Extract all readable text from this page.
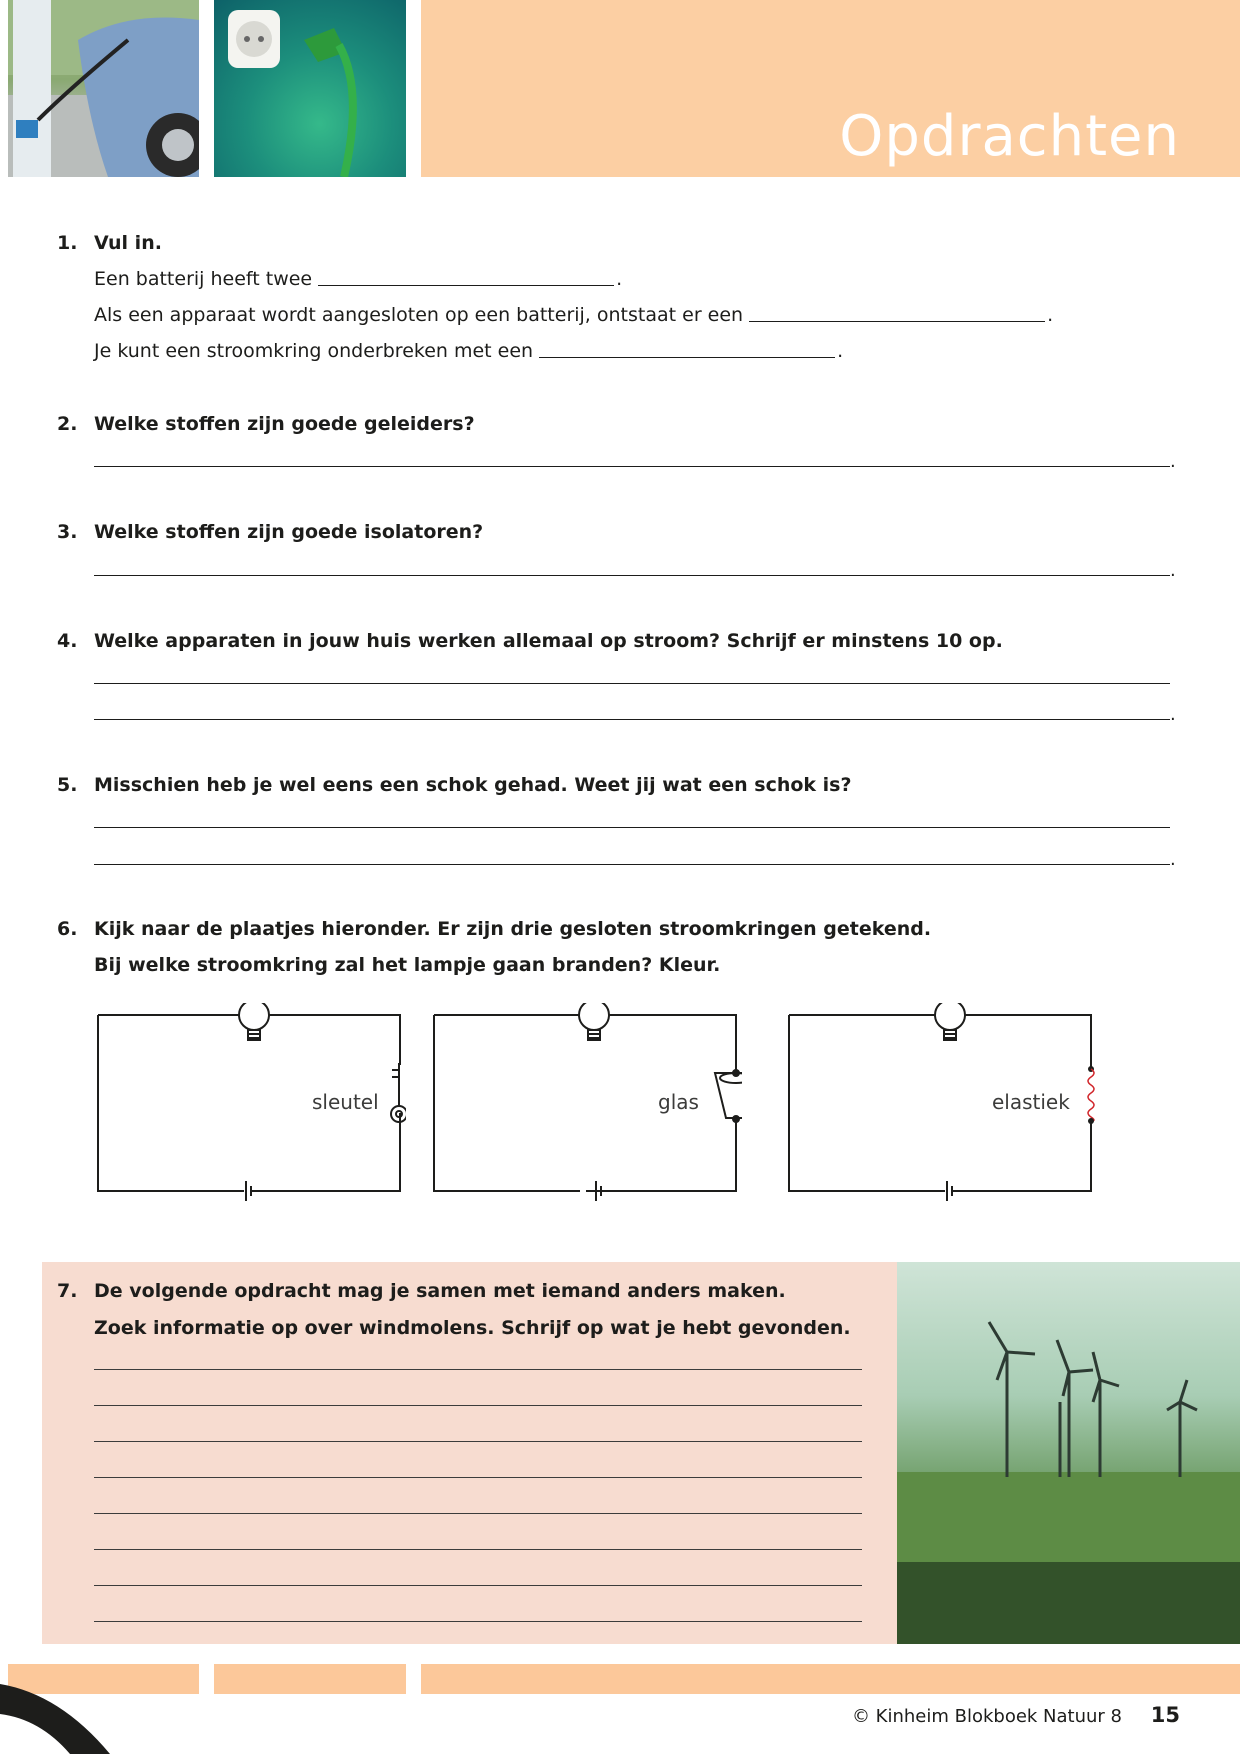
Opdrachten
1. Vul in.
Een batterij heeft twee	.
Als een apparaat wordt aangesloten op een batterij, ontstaat er een	.
Je kunt een stroomkring onderbreken met een	.
2. Welke stoffen zijn goede geleiders?
.
3. Welke stoffen zijn goede isolatoren?
.
4. Welke apparaten in jouw huis werken allemaal op stroom? Schrijf er minstens 10 op.
.
5. Misschien heb je wel eens een schok gehad. Weet jij wat een schok is?
.
6. Kijk naar de plaatjes hieronder. Er zijn drie gesloten stroomkringen getekend.
Bij welke stroomkring zal het lampje gaan branden? Kleur.
sleutel	glas	elastiek
7. De volgende opdracht mag je samen met iemand anders maken.
Zoek informatie op over windmolens. Schrijf op wat je hebt gevonden.
© Kinheim Blokboek Natuur 8 15
